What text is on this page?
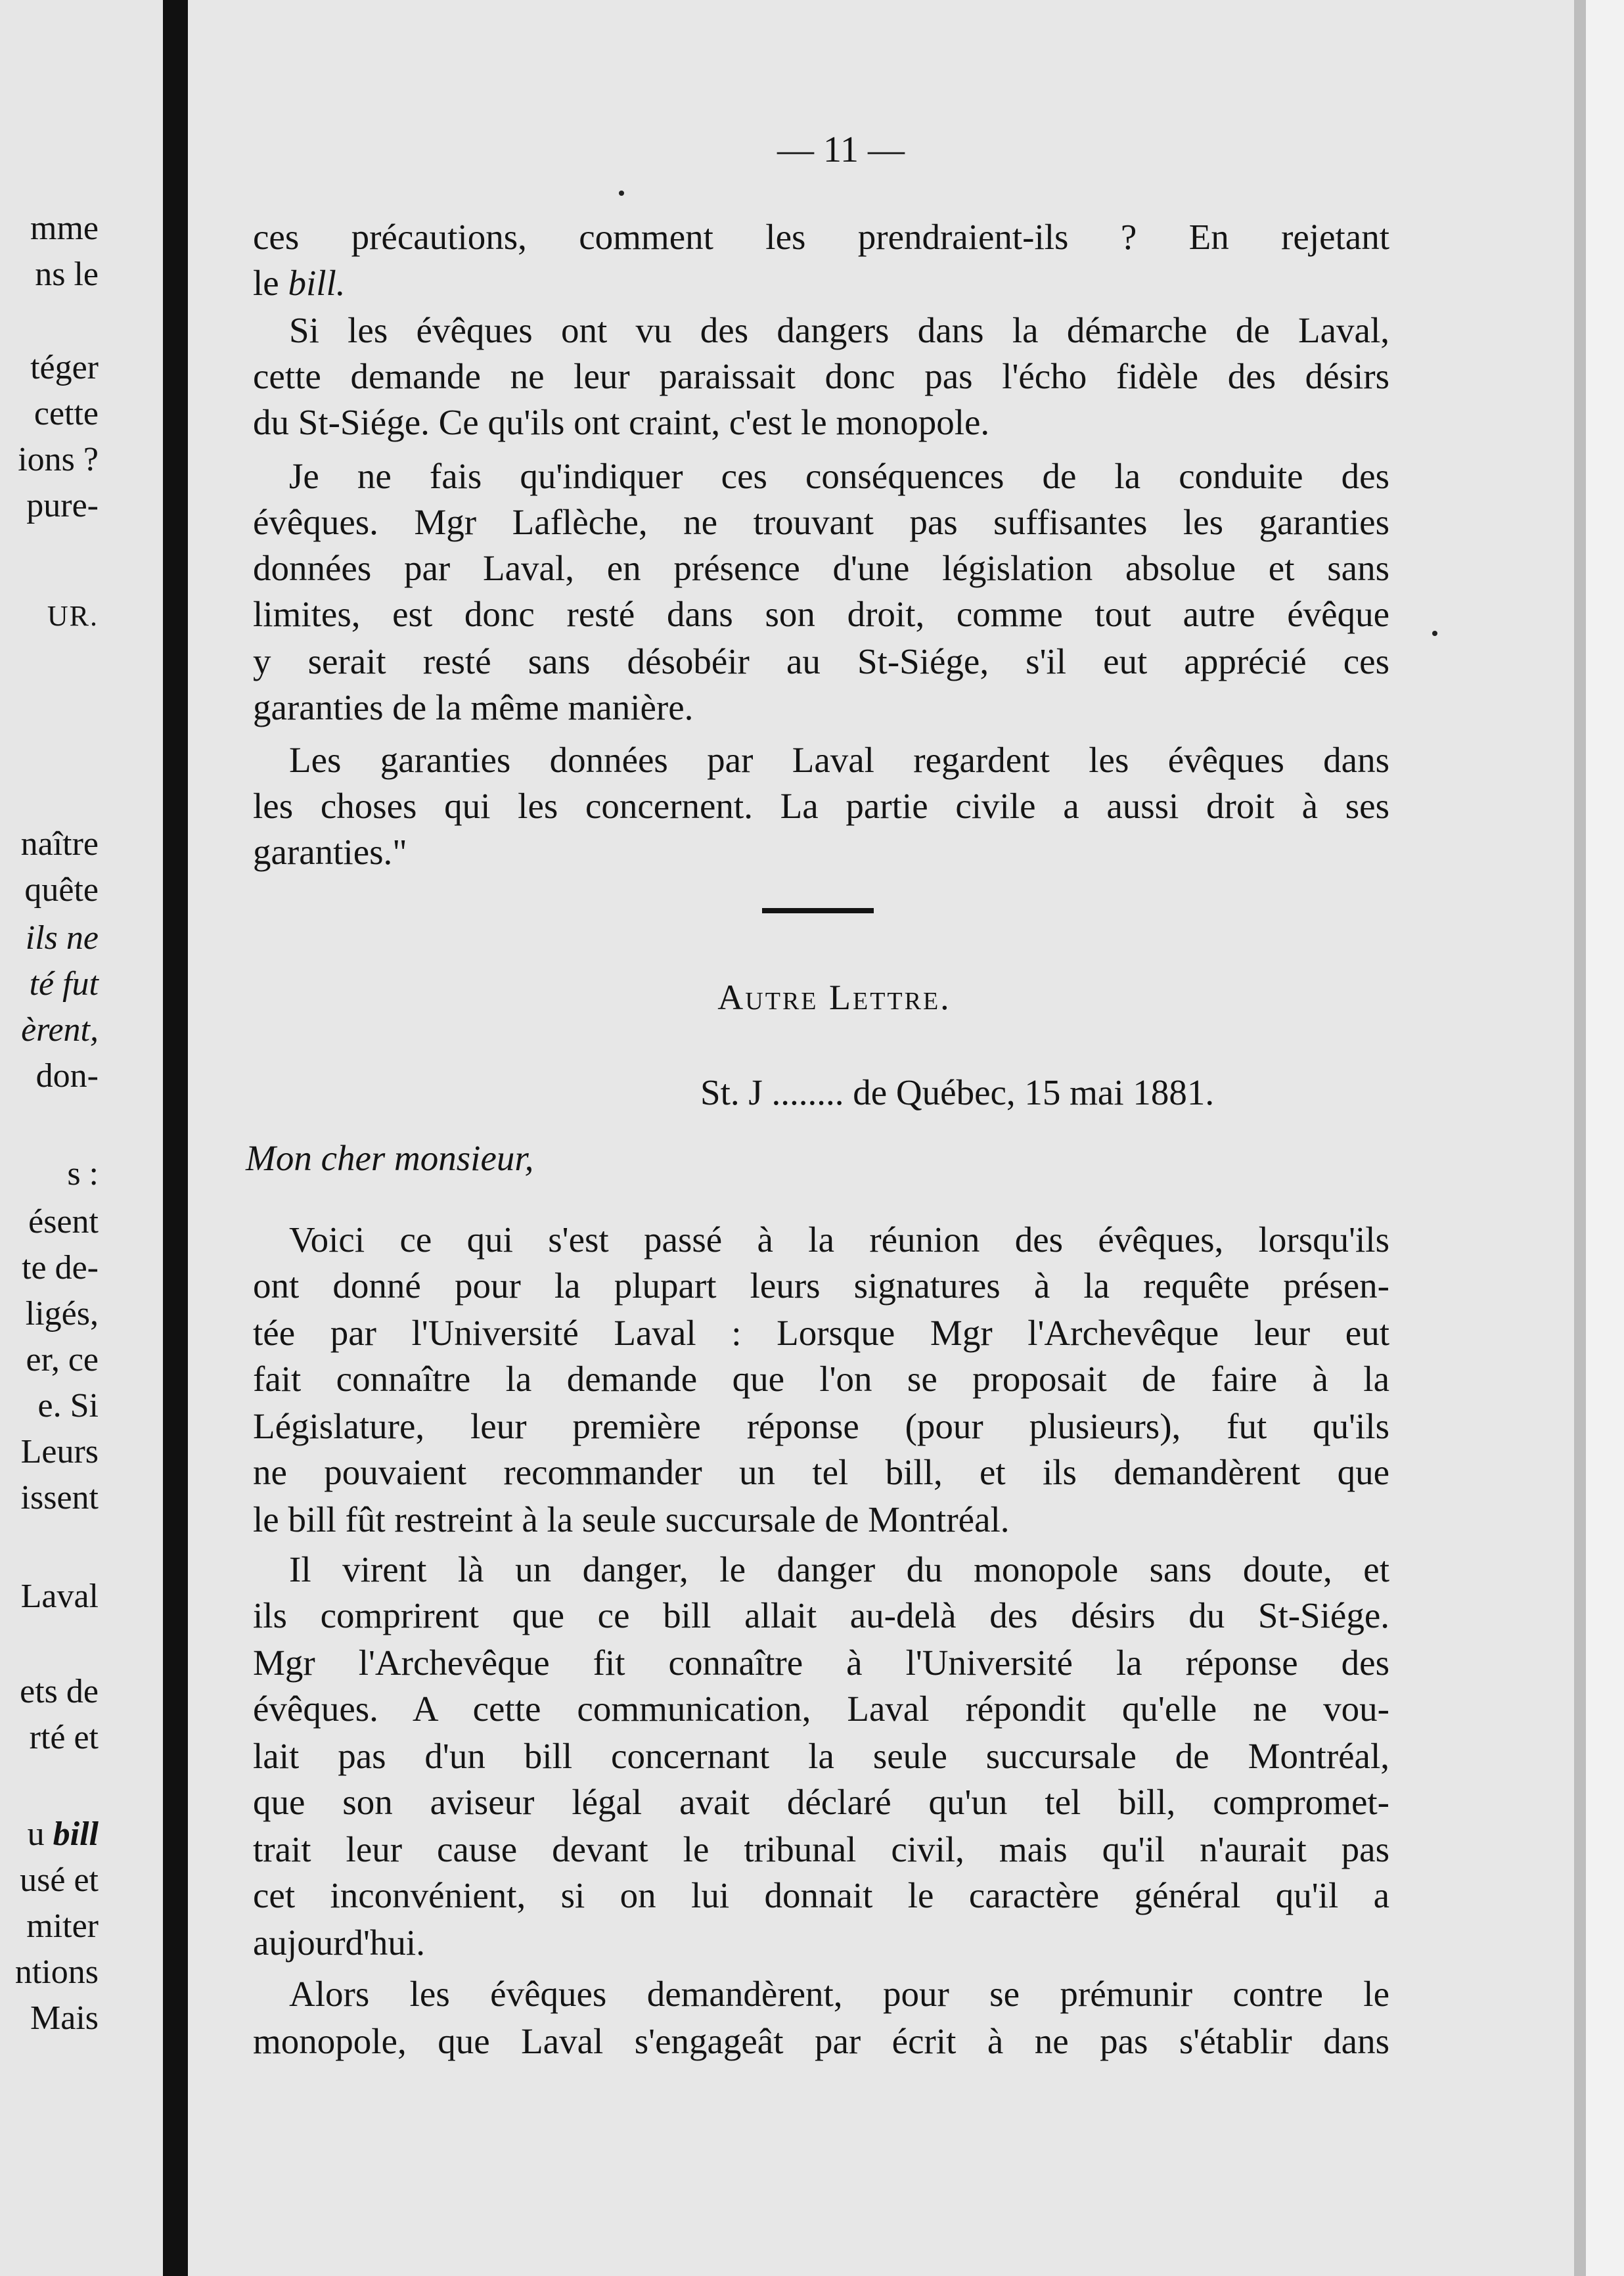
mme
ns le
téger
cette
ions ?
pure-
UR.
naître
quête
ils ne
té fut
èrent,
don-
s :
ésent
te de-
ligés,
er, ce
e. Si
Leurs
issent
Laval
ets de
rté et
u bill
usé et
miter
ntions
Mais
— 11 —
ces précautions, comment les prendraient-ils ? En rejetant
le bill.
Si les évêques ont vu des dangers dans la démarche de Laval,
cette demande ne leur paraissait donc pas l'écho fidèle des désirs
du St-Siége. Ce qu'ils ont craint, c'est le monopole.
Je ne fais qu'indiquer ces conséquences de la conduite des
évêques. Mgr Laflèche, ne trouvant pas suffisantes les garanties
données par Laval, en présence d'une législation absolue et sans
limites, est donc resté dans son droit, comme tout autre évêque
y serait resté sans désobéir au St-Siége, s'il eut apprécié ces
garanties de la même manière.
Les garanties données par Laval regardent les évêques dans
les choses qui les concernent. La partie civile a aussi droit à ses
garanties."
Autre Lettre.
St. J ........ de Québec, 15 mai 1881.
Mon cher monsieur,
Voici ce qui s'est passé à la réunion des évêques, lorsqu'ils
ont donné pour la plupart leurs signatures à la requête présen-
tée par l'Université Laval : Lorsque Mgr l'Archevêque leur eut
fait connaître la demande que l'on se proposait de faire à la
Législature, leur première réponse (pour plusieurs), fut qu'ils
ne pouvaient recommander un tel bill, et ils demandèrent que
le bill fût restreint à la seule succursale de Montréal.
Il virent là un danger, le danger du monopole sans doute, et
ils comprirent que ce bill allait au-delà des désirs du St-Siége.
Mgr l'Archevêque fit connaître à l'Université la réponse des
évêques. A cette communication, Laval répondit qu'elle ne vou-
lait pas d'un bill concernant la seule succursale de Montréal,
que son aviseur légal avait déclaré qu'un tel bill, compromet-
trait leur cause devant le tribunal civil, mais qu'il n'aurait pas
cet inconvénient, si on lui donnait le caractère général qu'il a
aujourd'hui.
Alors les évêques demandèrent, pour se prémunir contre le
monopole, que Laval s'engageât par écrit à ne pas s'établir dans
